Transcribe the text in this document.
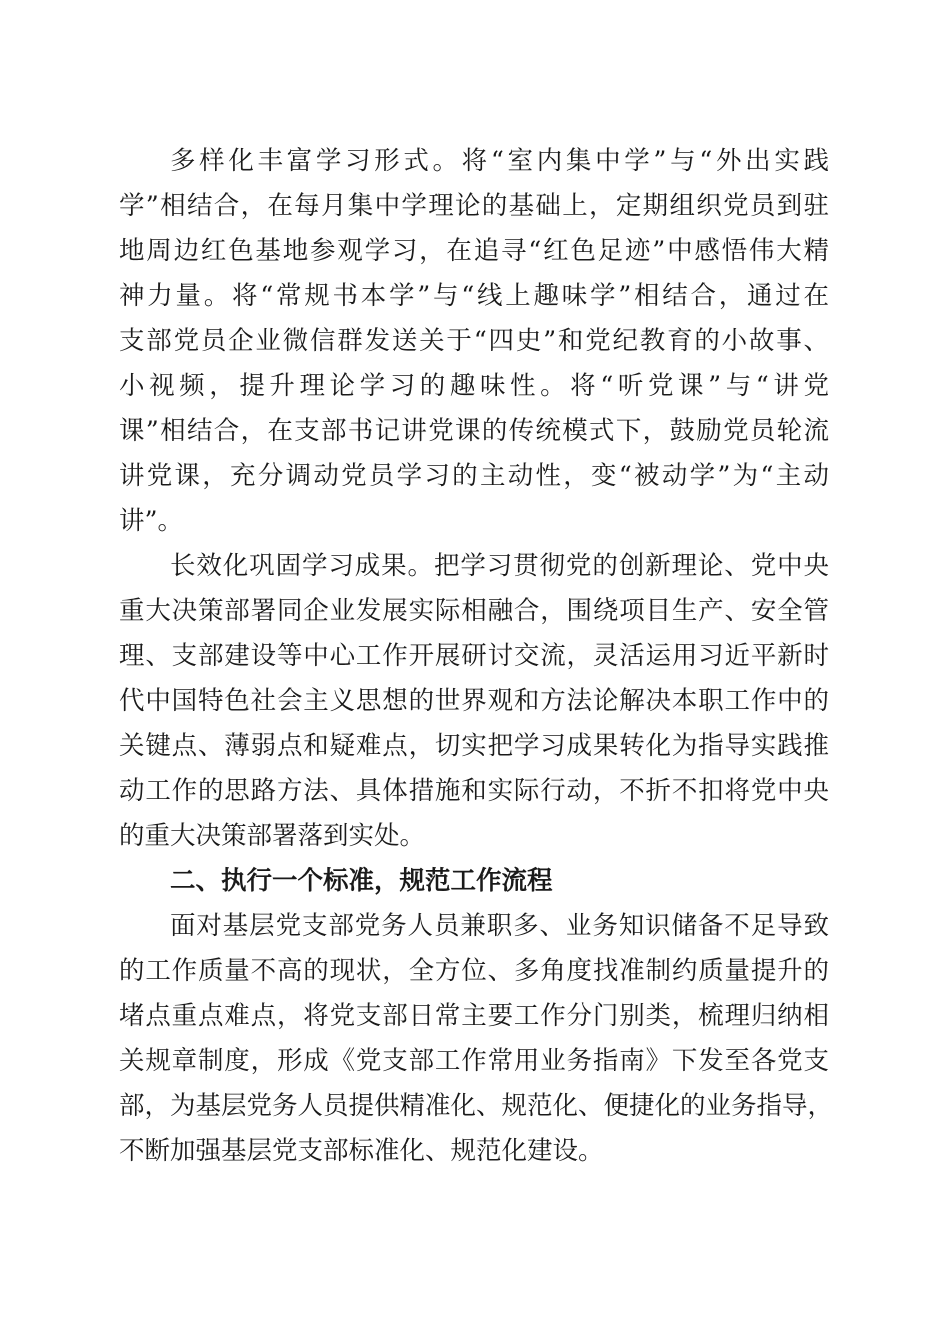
多样化丰富学习形式。将“室内集中学”与“外出实践
学”相结合，在每月集中学理论的基础上，定期组织党员到驻
地周边红色基地参观学习，在追寻“红色足迹”中感悟伟大精
神力量。将“常规书本学”与“线上趣味学”相结合，通过在
支部党员企业微信群发送关于“四史”和党纪教育的小故事、
小视频，提升理论学习的趣味性。将“听党课”与“讲党
课”相结合，在支部书记讲党课的传统模式下，鼓励党员轮流
讲党课，充分调动党员学习的主动性，变“被动学”为“主动
讲”。
长效化巩固学习成果。把学习贯彻党的创新理论、党中央
重大决策部署同企业发展实际相融合，围绕项目生产、安全管
理、支部建设等中心工作开展研讨交流，灵活运用习近平新时
代中国特色社会主义思想的世界观和方法论解决本职工作中的
关键点、薄弱点和疑难点，切实把学习成果转化为指导实践推
动工作的思路方法、具体措施和实际行动，不折不扣将党中央
的重大决策部署落到实处。
二、执行一个标准，规范工作流程
面对基层党支部党务人员兼职多、业务知识储备不足导致
的工作质量不高的现状，全方位、多角度找准制约质量提升的
堵点重点难点，将党支部日常主要工作分门别类，梳理归纳相
关规章制度，形成《党支部工作常用业务指南》下发至各党支
部，为基层党务人员提供精准化、规范化、便捷化的业务指导，
不断加强基层党支部标准化、规范化建设。
